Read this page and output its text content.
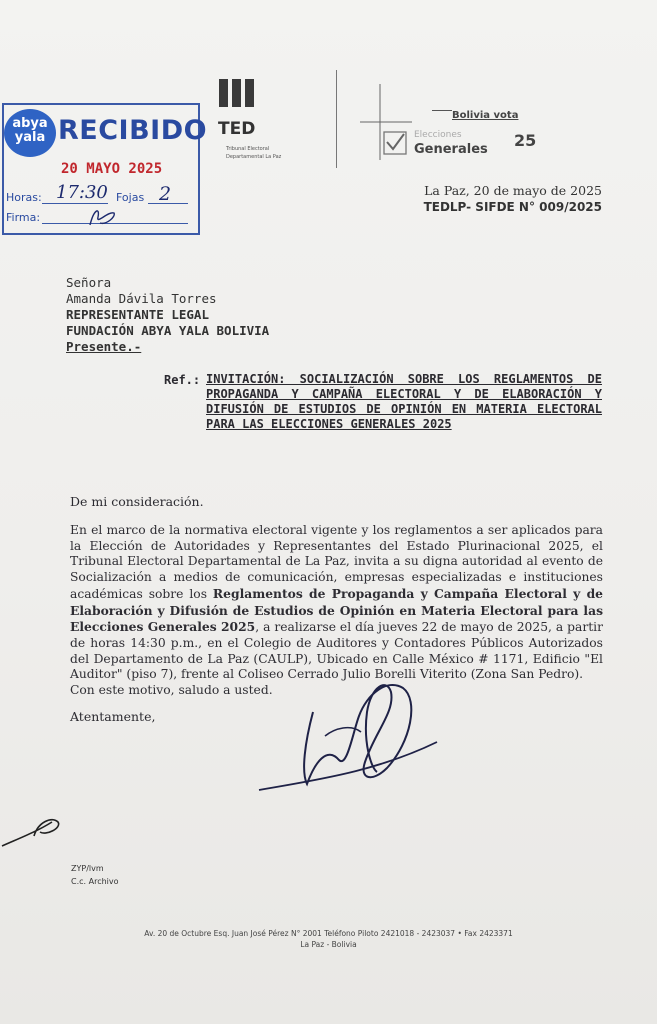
abya yala RECIBIDO
20 MAYO 2025
Horas: 17:30 Fojas 2
Firma:
TED
Tribunal Electoral Departamental La Paz
Bolivia vota
Elecciones
Generales 25
La Paz, 20 de mayo de 2025
TEDLP- SIFDE N° 009/2025
Señora
Amanda Dávila Torres
REPRESENTANTE LEGAL
FUNDACIÓN ABYA YALA BOLIVIA
Presente.-
Ref.: INVITACIÓN: SOCIALIZACIÓN SOBRE LOS REGLAMENTOS DE PROPAGANDA Y CAMPAÑA ELECTORAL Y DE ELABORACIÓN Y DIFUSIÓN DE ESTUDIOS DE OPINIÓN EN MATERIA ELECTORAL PARA LAS ELECCIONES GENERALES 2025
De mi consideración.
En el marco de la normativa electoral vigente y los reglamentos a ser aplicados para la Elección de Autoridades y Representantes del Estado Plurinacional 2025, el Tribunal Electoral Departamental de La Paz, invita a su digna autoridad al evento de Socialización a medios de comunicación, empresas especializadas e instituciones académicas sobre los Reglamentos de Propaganda y Campaña Electoral y de Elaboración y Difusión de Estudios de Opinión en Materia Electoral para las Elecciones Generales 2025, a realizarse el día jueves 22 de mayo de 2025, a partir de horas 14:30 p.m., en el Colegio de Auditores y Contadores Públicos Autorizados del Departamento de La Paz (CAULP), Ubicado en Calle México # 1171, Edificio "El Auditor" (piso 7), frente al Coliseo Cerrado Julio Borelli Viterito (Zona San Pedro).
Con este motivo, saludo a usted.
Atentamente,
ZYP/lvm
C.c. Archivo
Av. 20 de Octubre Esq. Juan José Pérez N° 2001 Teléfono Piloto 2421018 - 2423037 • Fax 2423371
La Paz - Bolivia
